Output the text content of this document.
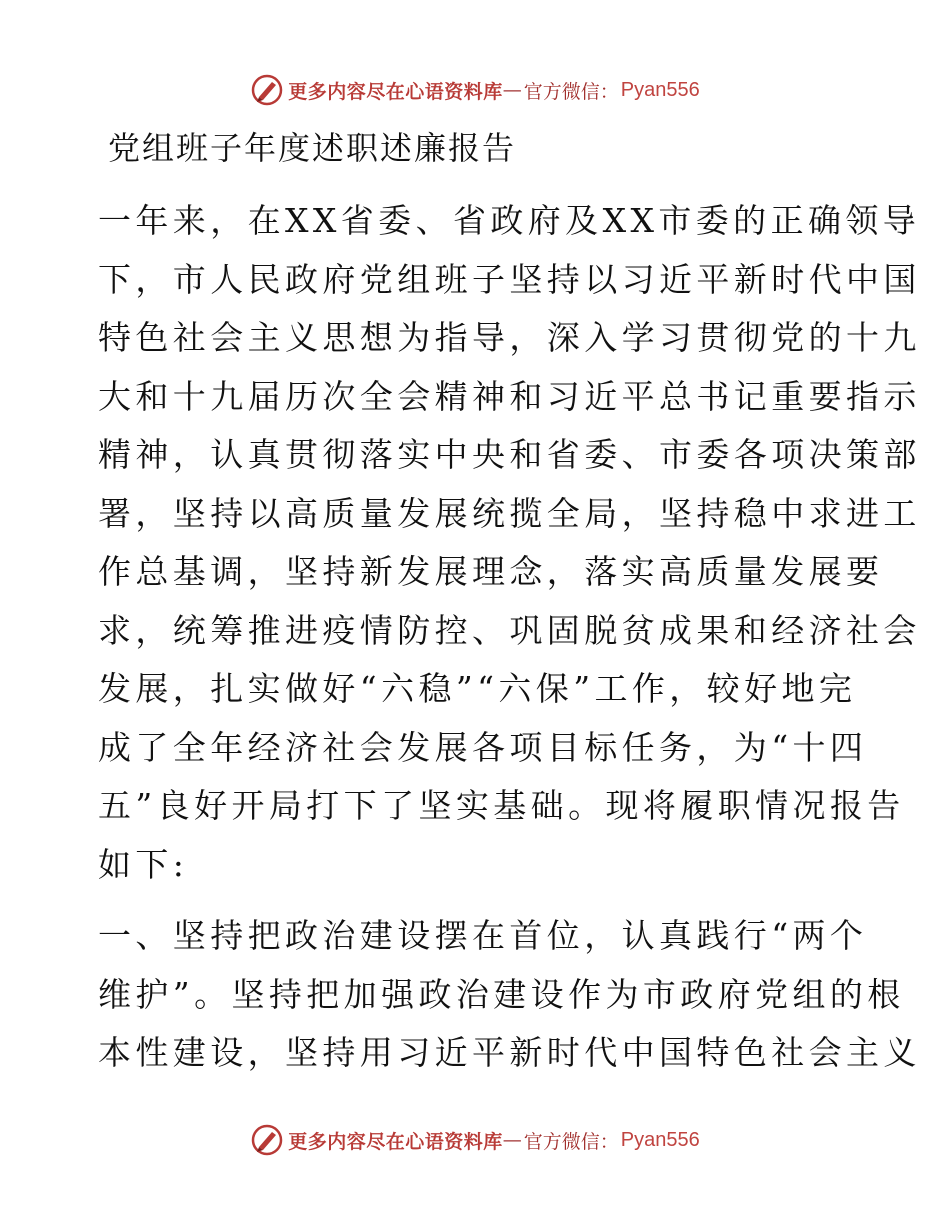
更多内容尽在心语资料库 — 官方微信： Pyan556
党组班子年度述职述廉报告
一年来，在XX省委、省政府及XX市委的正确领导
下，市人民政府党组班子坚持以习近平新时代中国
特色社会主义思想为指导，深入学习贯彻党的十九
大和十九届历次全会精神和习近平总书记重要指示
精神，认真贯彻落实中央和省委、市委各项决策部
署，坚持以高质量发展统揽全局，坚持稳中求进工
作总基调，坚持新发展理念，落实高质量发展要
求，统筹推进疫情防控、巩固脱贫成果和经济社会
发展，扎实做好“六稳”“六保”工作，较好地完
成了全年经济社会发展各项目标任务，为“十四
五”良好开局打下了坚实基础。现将履职情况报告
如下:
一、坚持把政治建设摆在首位，认真践行“两个
维护”。坚持把加强政治建设作为市政府党组的根
本性建设，坚持用习近平新时代中国特色社会主义
更多内容尽在心语资料库 — 官方微信： Pyan556
